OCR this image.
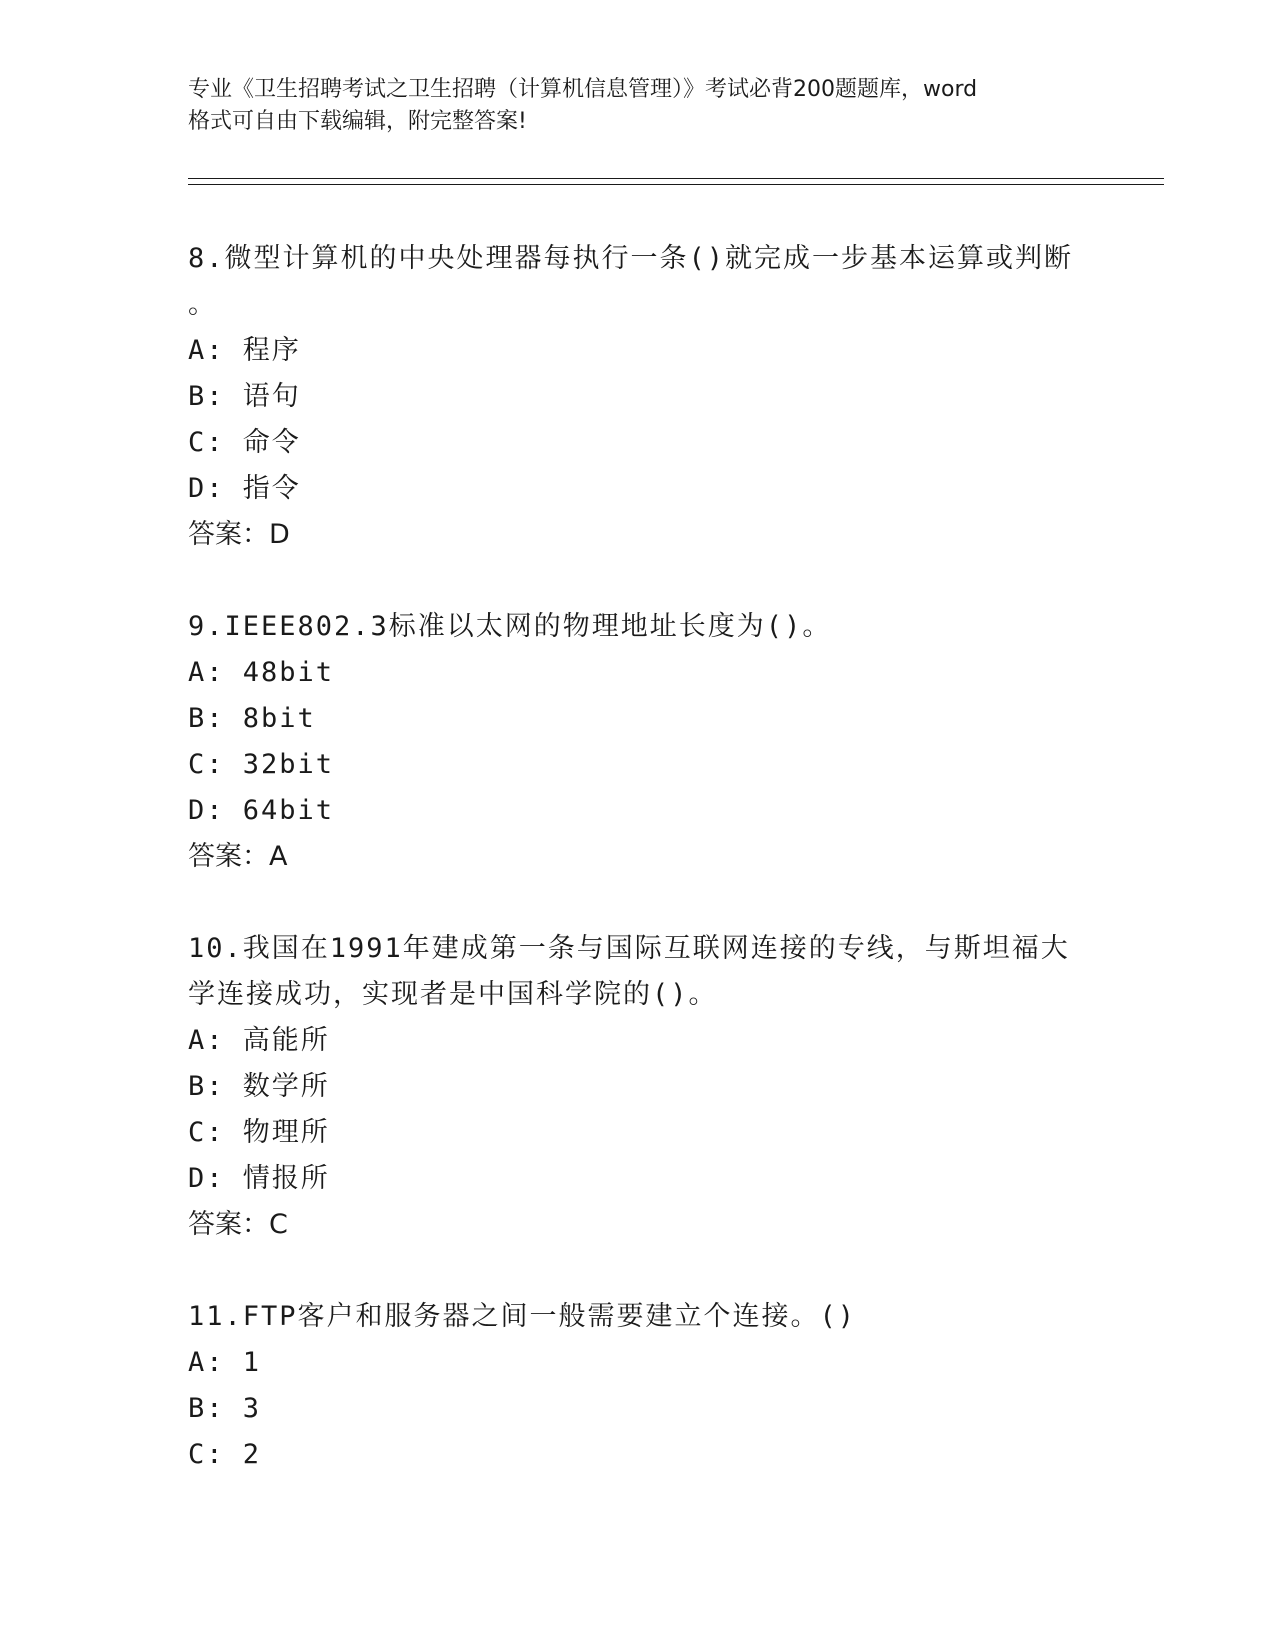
专业《卫生招聘考试之卫生招聘（计算机信息管理）》考试必背200题题库，word

格式可自由下载编辑，附完整答案!

8.微型计算机的中央处理器每执行一条()就完成一步基本运算或判断

。

A: 程序

B: 语句

C: 命令

D: 指令

答案：D

9.IEEE802.3标准以太网的物理地址长度为()。

A: 48bit

B: 8bit

C: 32bit

D: 64bit

答案：A

10.我国在1991年建成第一条与国际互联网连接的专线，与斯坦福大

学连接成功，实现者是中国科学院的()。

A: 高能所

B: 数学所

C: 物理所

D: 情报所

答案：C

11.FTP客户和服务器之间一般需要建立个连接。()

A: 1

B: 3

C: 2
